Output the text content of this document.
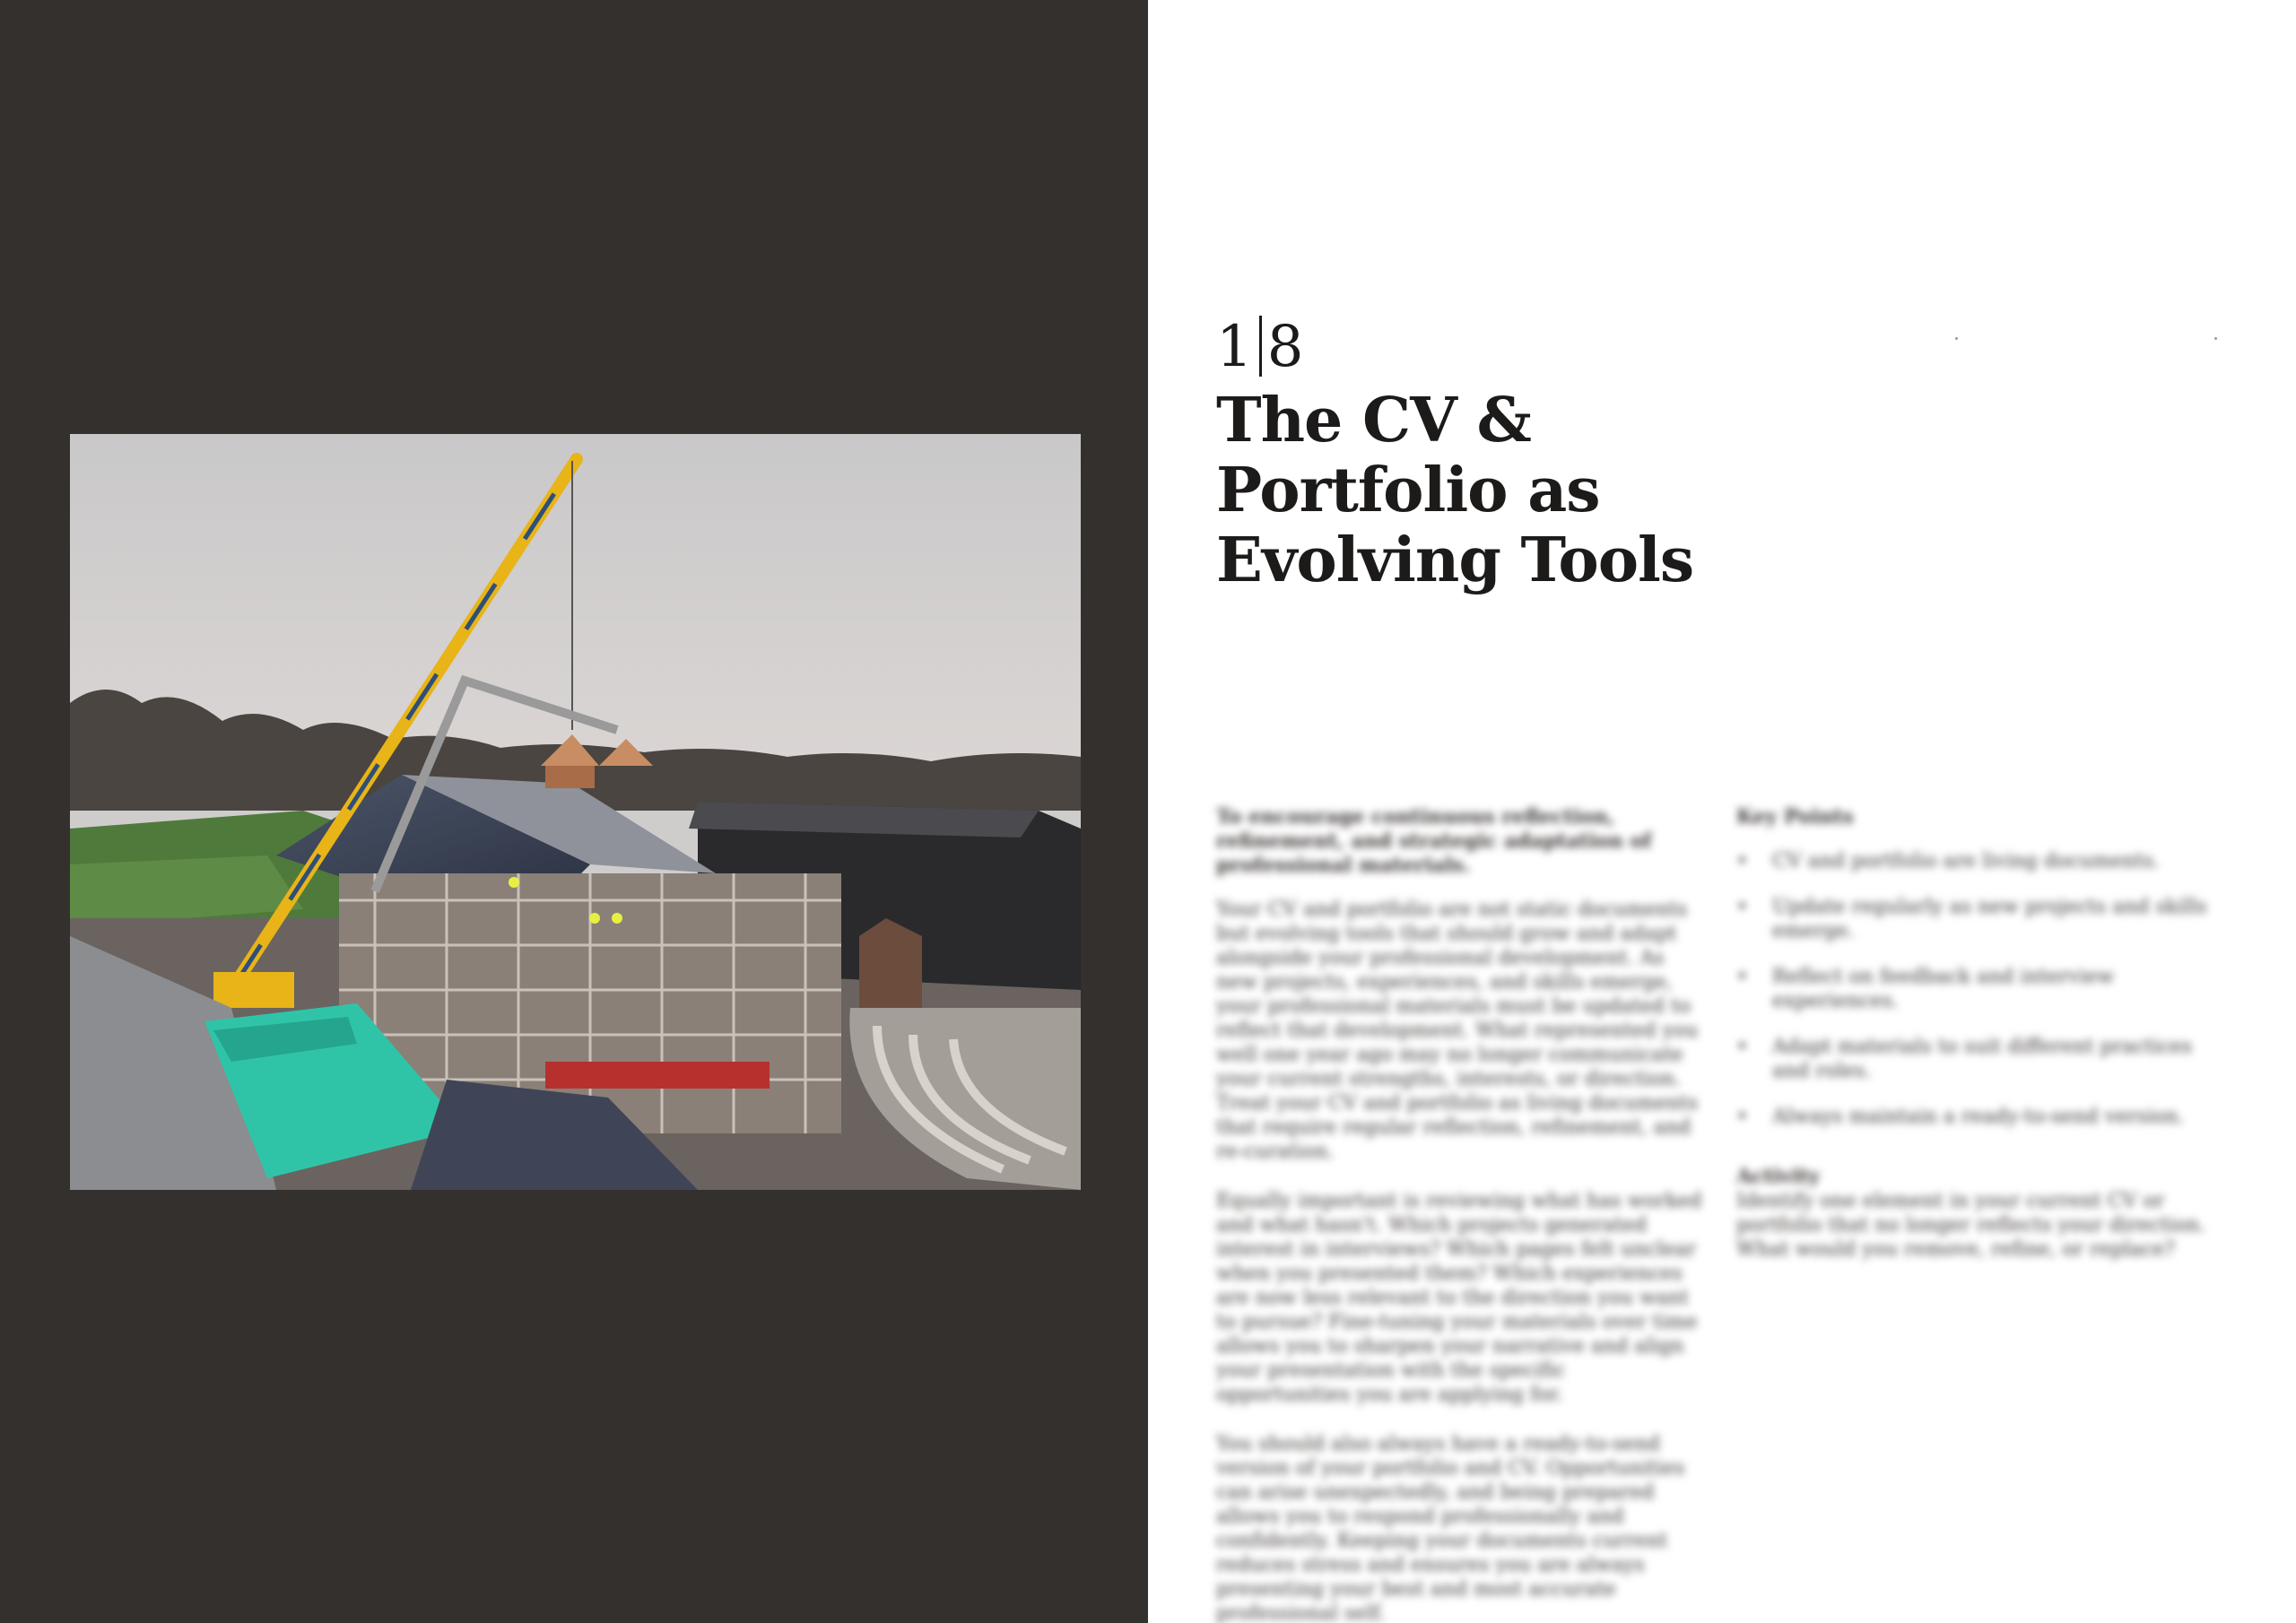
1 8
The CV & Portfolio as Evolving Tools

To encourage continuous reflection, refinement, and strategic adaptation of professional materials.

Your CV and portfolio are not static documents but evolving tools that should grow and adapt alongside your professional development. As new projects, experiences, and skills emerge, your professional materials must be updated to reflect that development. What represented you well one year ago may no longer communicate your current strengths, interests, or direction. Treat your CV and portfolio as living documents that require regular reflection, refinement, and re-curation.

Equally important is reviewing what has worked and what hasn't. Which projects generated interest in interviews? Which pages felt unclear when you presented them? Which experiences are now less relevant to the direction you want to pursue? Fine-tuning your materials over time allows you to sharpen your narrative and align your presentation with the specific opportunities you are applying for.

You should also always have a ready-to-send version of your portfolio and CV. Opportunities can arise unexpectedly, and being prepared allows you to respond professionally and confidently. Keeping your documents current reduces stress and ensures you are always presenting your best and most accurate professional self.

Key Points

• CV and portfolio are living documents.
• Update regularly as new projects and skills emerge.
• Reflect on feedback and interview experiences.
• Adapt materials to suit different practices and roles.
• Always maintain a ready-to-send version.

Activity

Identify one element in your current CV or portfolio that no longer reflects your direction. What would you remove, refine, or replace?
